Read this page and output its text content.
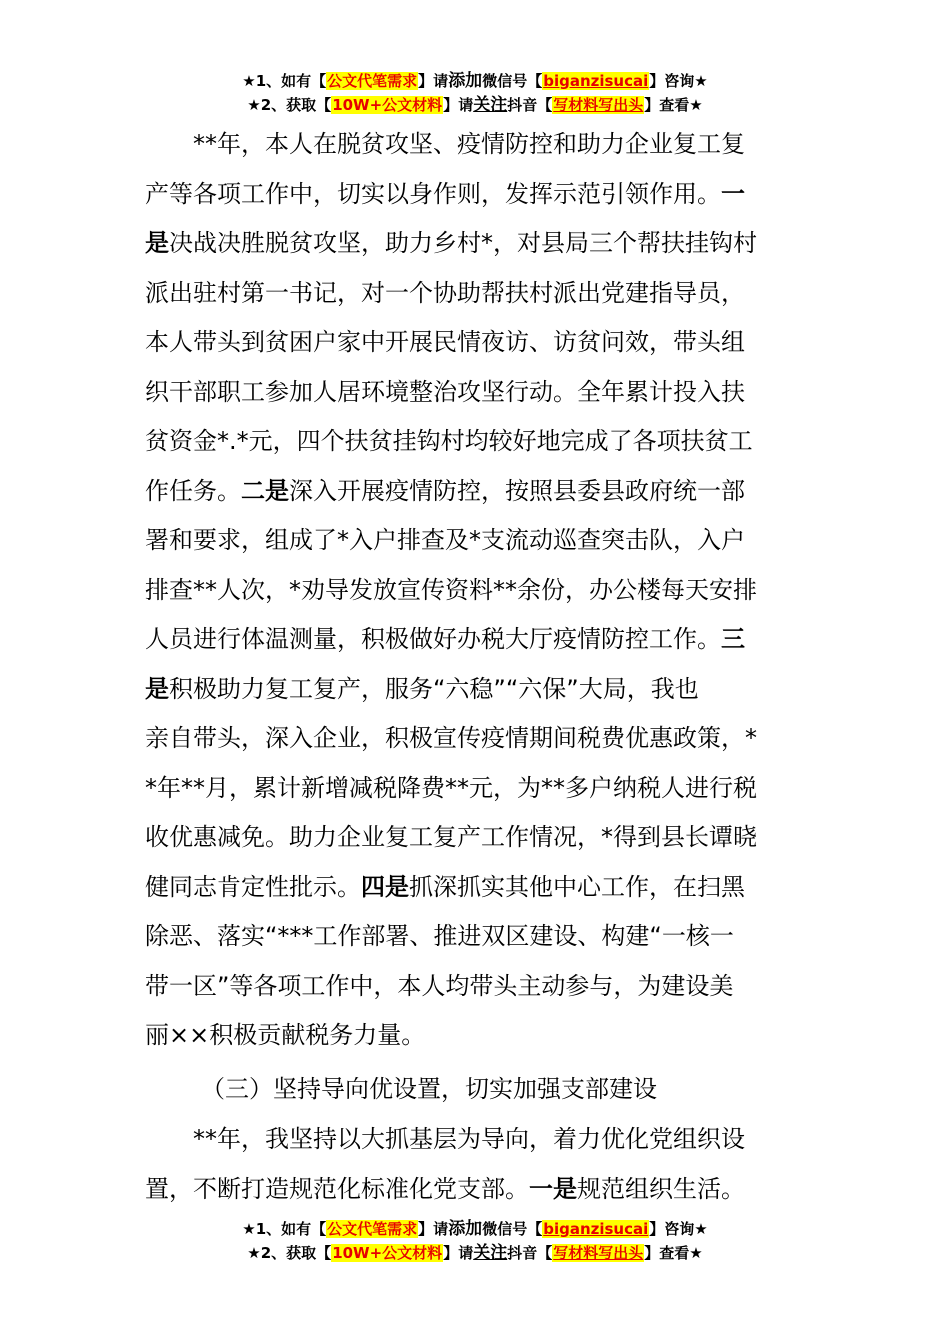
★1、如有【公文代笔需求】请添加微信号【biganzisucai】咨询★
★2、获取【10W+公文材料】请关注抖音【写材料写出头】查看★
**年，本人在脱贫攻坚、疫情防控和助力企业复工复
产等各项工作中，切实以身作则，发挥示范引领作用。一
是决战决胜脱贫攻坚，助力乡村*，对县局三个帮扶挂钩村
派出驻村第一书记，对一个协助帮扶村派出党建指导员，
本人带头到贫困户家中开展民情夜访、访贫问效，带头组
织干部职工参加人居环境整治攻坚行动。全年累计投入扶
贫资金*.*元，四个扶贫挂钩村均较好地完成了各项扶贫工
作任务。二是深入开展疫情防控，按照县委县政府统一部
署和要求，组成了*入户排查及*支流动巡查突击队，入户
排查**人次，*劝导发放宣传资料**余份，办公楼每天安排
人员进行体温测量，积极做好办税大厅疫情防控工作。三
是积极助力复工复产，服务“六稳”“六保”大局，我也
亲自带头，深入企业，积极宣传疫情期间税费优惠政策，*
*年**月，累计新增减税降费**元，为**多户纳税人进行税
收优惠减免。助力企业复工复产工作情况，*得到县长谭晓
健同志肯定性批示。四是抓深抓实其他中心工作，在扫黑
除恶、落实“***工作部署、推进双区建设、构建“一核一
带一区”等各项工作中，本人均带头主动参与，为建设美
丽××积极贡献税务力量。
（三）坚持导向优设置，切实加强支部建设
**年，我坚持以大抓基层为导向，着力优化党组织设
置，不断打造规范化标准化党支部。一是规范组织生活。
★1、如有【公文代笔需求】请添加微信号【biganzisucai】咨询★
★2、获取【10W+公文材料】请关注抖音【写材料写出头】查看★
